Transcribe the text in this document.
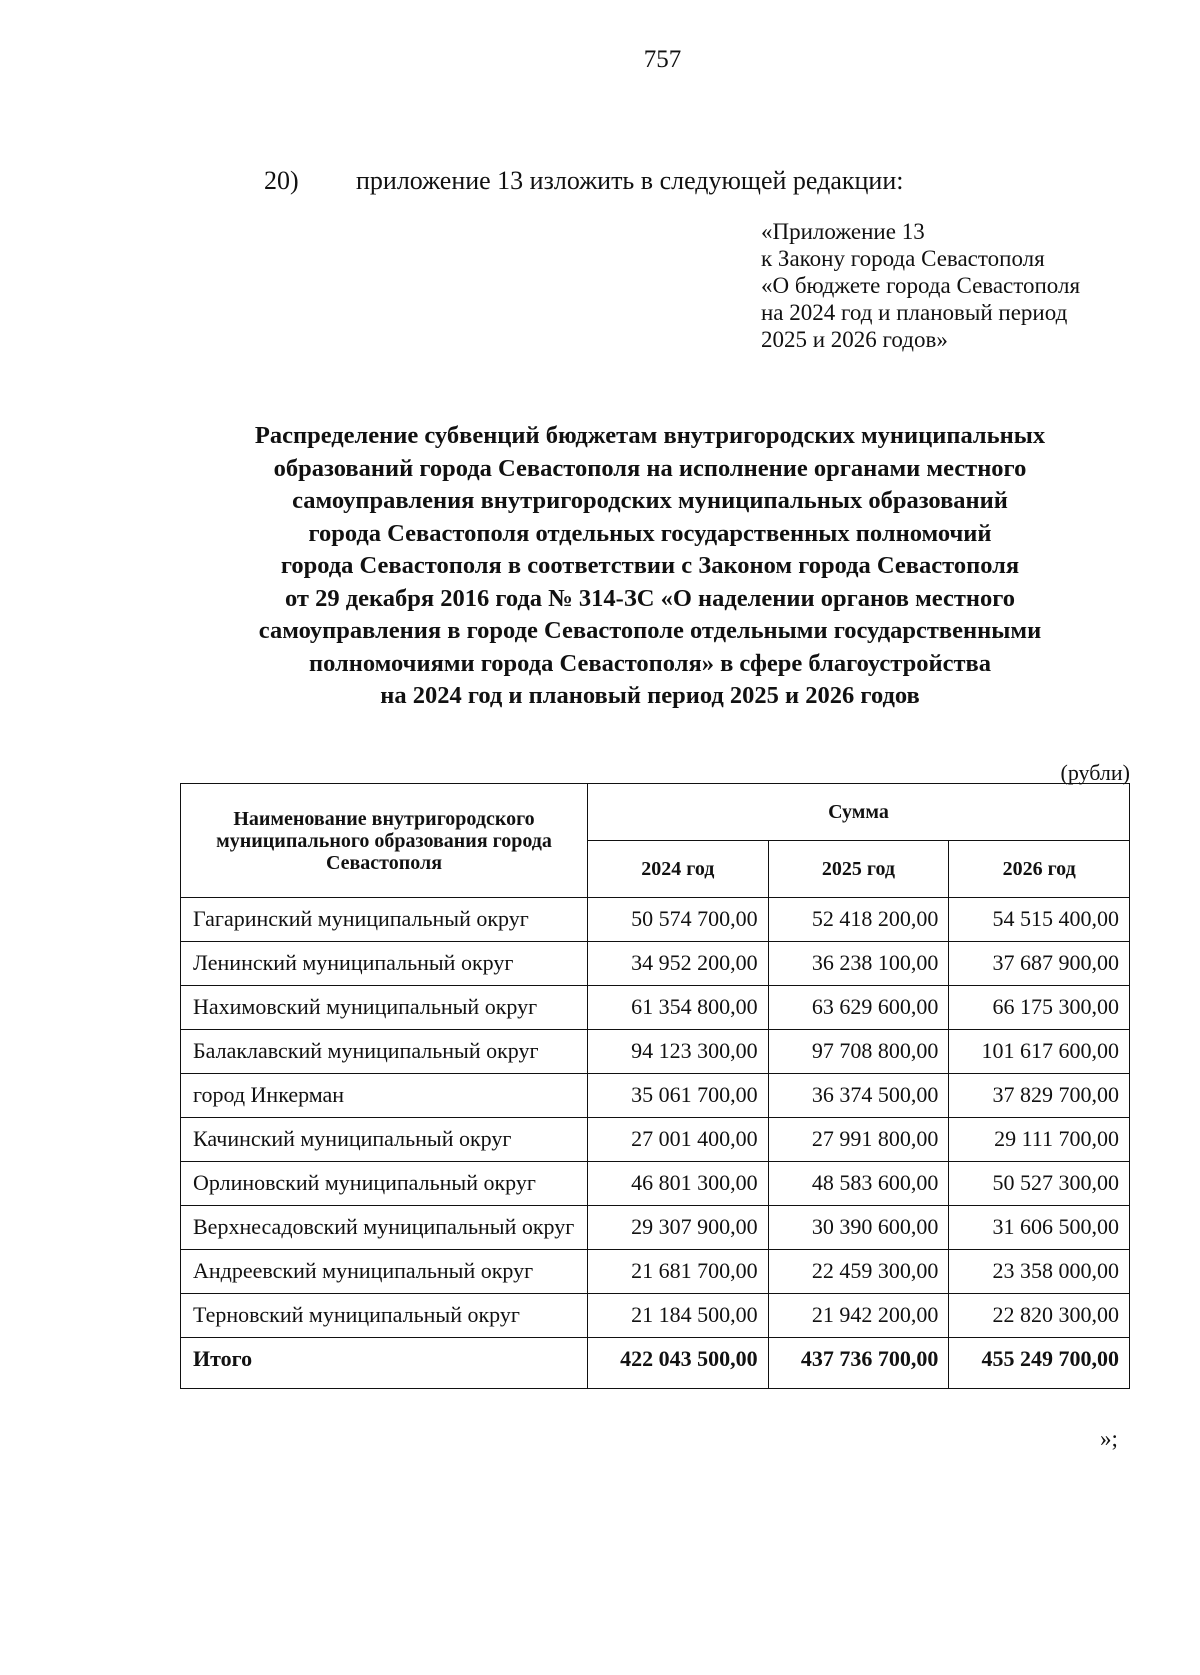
757
20) приложение 13 изложить в следующей редакции:
«Приложение 13
к Закону города Севастополя
«О бюджете города Севастополя
на 2024 год и плановый период
2025 и 2026 годов»
Распределение субвенций бюджетам внутригородских муниципальных
образований города Севастополя на исполнение органами местного
самоуправления внутригородских муниципальных образований
города Севастополя отдельных государственных полномочий
города Севастополя в соответствии с Законом города Севастополя
от 29 декабря 2016 года № 314-ЗС «О наделении органов местного
самоуправления в городе Севастополе отдельными государственными
полномочиями города Севастополя» в сфере благоустройства
на 2024 год и плановый период 2025 и 2026 годов
(рубли)
Наименование внутригородского муниципального образования города Севастополя	Сумма		
	2024 год	2025 год	2026 год
Гагаринский муниципальный округ	50 574 700,00	52 418 200,00	54 515 400,00
Ленинский муниципальный округ	34 952 200,00	36 238 100,00	37 687 900,00
Нахимовский муниципальный округ	61 354 800,00	63 629 600,00	66 175 300,00
Балаклавский муниципальный округ	94 123 300,00	97 708 800,00	101 617 600,00
город Инкерман	35 061 700,00	36 374 500,00	37 829 700,00
Качинский муниципальный округ	27 001 400,00	27 991 800,00	29 111 700,00
Орлиновский муниципальный округ	46 801 300,00	48 583 600,00	50 527 300,00
Верхнесадовский муниципальный округ	29 307 900,00	30 390 600,00	31 606 500,00
Андреевский муниципальный округ	21 681 700,00	22 459 300,00	23 358 000,00
Терновский муниципальный округ	21 184 500,00	21 942 200,00	22 820 300,00
Итого	422 043 500,00	437 736 700,00	455 249 700,00
»;
